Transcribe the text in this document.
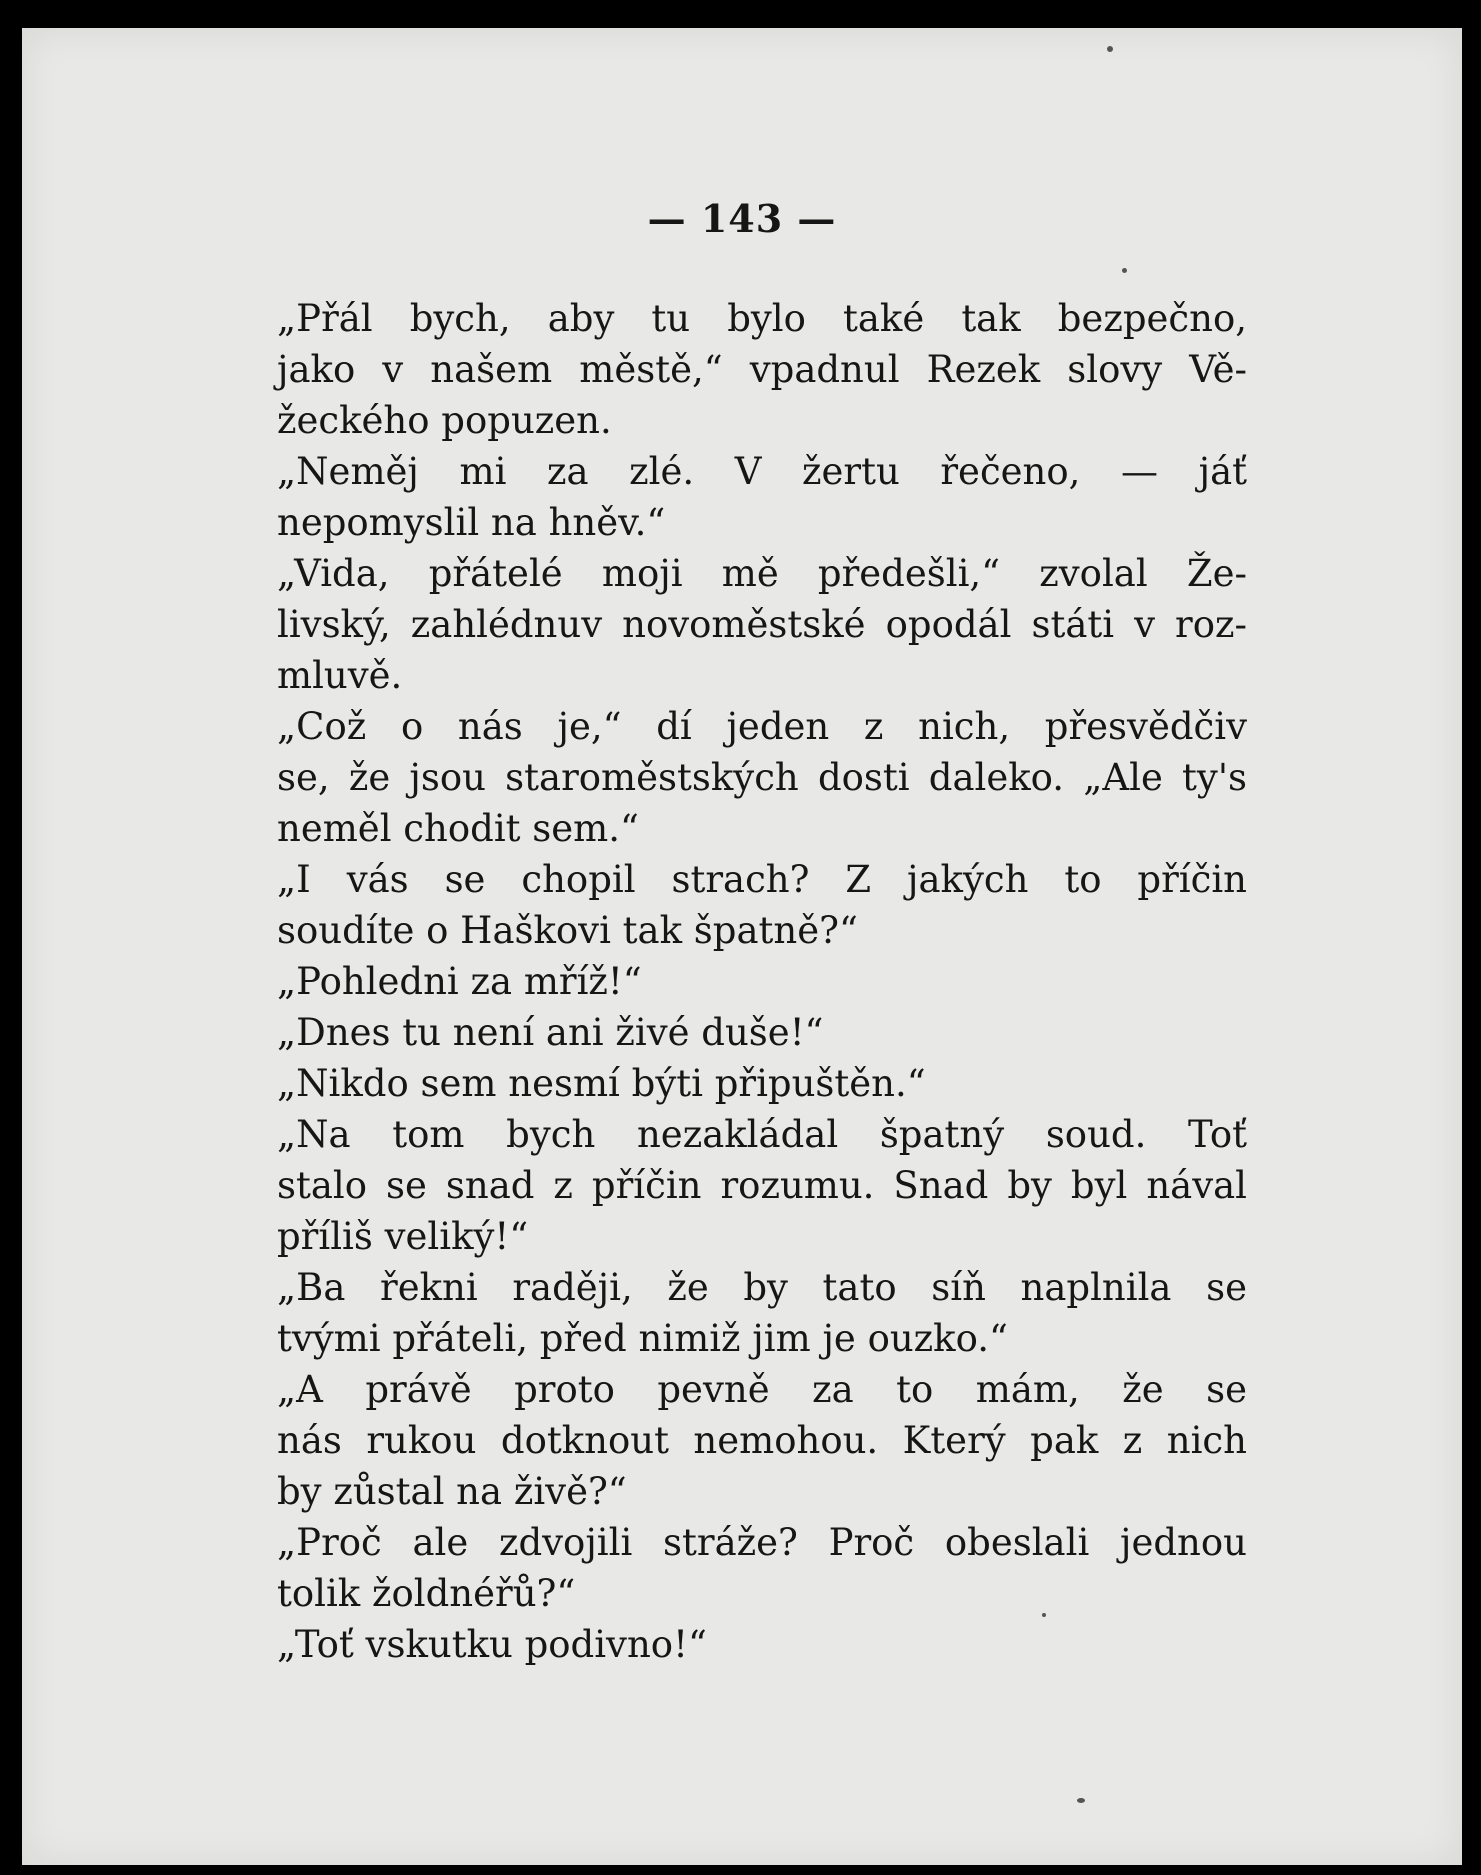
— 143 —

„Přál bych, aby tu bylo také tak bezpečno,
jako v našem městě,“ vpadnul Rezek slovy Vě-
žeckého popuzen.

„Neměj mi za zlé. V žertu řečeno, — jáť
nepomyslil na hněv.“

„Vida, přátelé moji mě předešli,“ zvolal Že-
livský, zahlédnuv novoměstské opodál státi v roz-
mluvě.

„Což o nás je,“ dí jeden z nich, přesvědčiv
se, že jsou staroměstských dosti daleko. „Ale ty's
neměl chodit sem.“

„I vás se chopil strach? Z jakých to příčin
soudíte o Haškovi tak špatně?“

„Pohledni za mříž!“

„Dnes tu není ani živé duše!“

„Nikdo sem nesmí býti připuštěn.“

„Na tom bych nezakládal špatný soud. Toť
stalo se snad z příčin rozumu. Snad by byl nával
příliš veliký!“

„Ba řekni raději, že by tato síň naplnila se
tvými přáteli, před nimiž jim je ouzko.“

„A právě proto pevně za to mám, že se
nás rukou dotknout nemohou. Který pak z nich
by zůstal na živě?“

„Proč ale zdvojili stráže? Proč obeslali jednou
tolik žoldnéřů?“

„Toť vskutku podivno!“
